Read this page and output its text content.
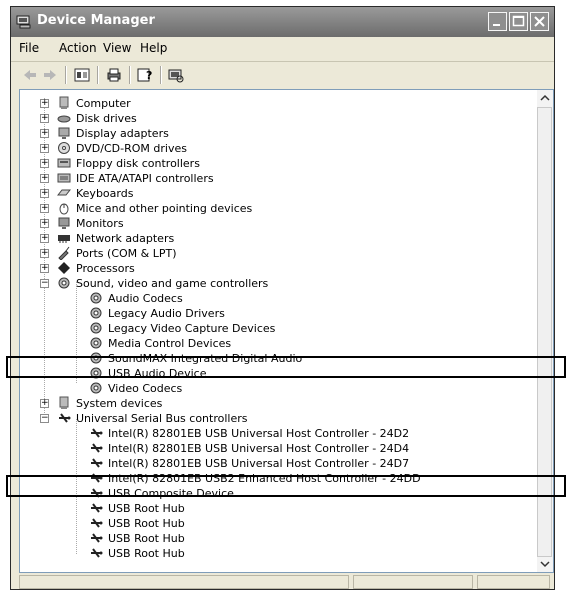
Device Manager
File Action View Help
?
Computer
Disk drives
Display adapters
DVD/CD-ROM drives
Floppy disk controllers
IDE ATA/ATAPI controllers
Keyboards
Mice and other pointing devices
Monitors
Network adapters
Ports (COM & LPT)
Processors
Sound, video and game controllers
Audio Codecs
Legacy Audio Drivers
Legacy Video Capture Devices
Media Control Devices
SoundMAX Integrated Digital Audio
USB Audio Device
Video Codecs
System devices
Universal Serial Bus controllers
Intel(R) 82801EB USB Universal Host Controller - 24D2
Intel(R) 82801EB USB Universal Host Controller - 24D4
Intel(R) 82801EB USB Universal Host Controller - 24D7
Intel(R) 82801EB USB2 Enhanced Host Controller - 24DD
USB Composite Device
USB Root Hub
USB Root Hub
USB Root Hub
USB Root Hub
+
+
+
+
+
+
+
+
+
+
+
+
−
+
−
